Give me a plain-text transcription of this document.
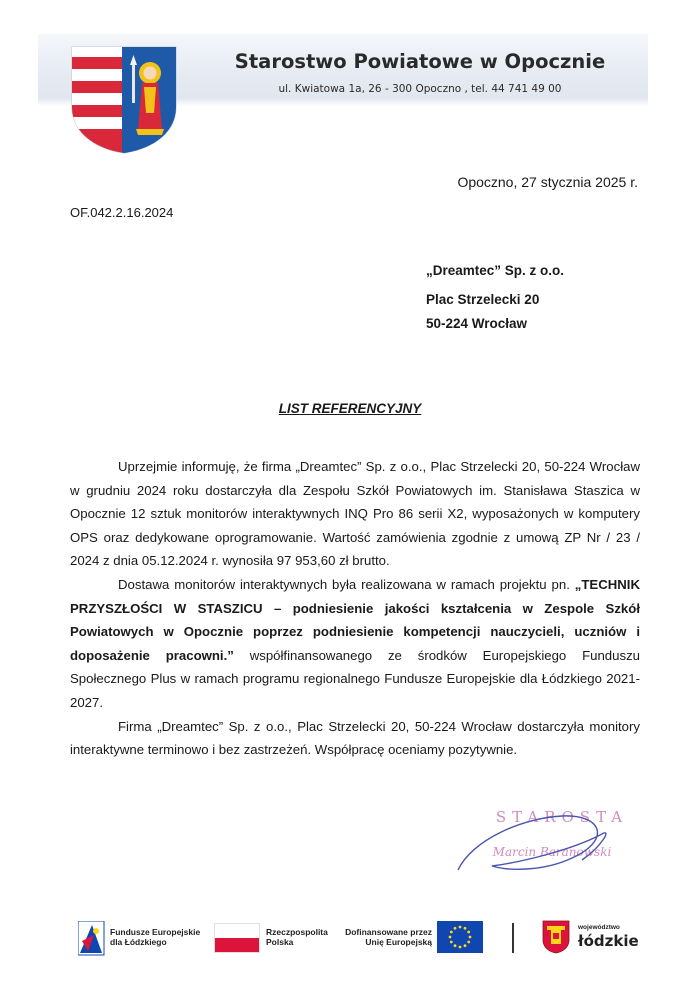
Starostwo Powiatowe w Opocznie
ul. Kwiatowa 1a, 26 - 300 Opoczno , tel. 44 741 49 00
Opoczno, 27 stycznia 2025 r.
OF.042.2.16.2024
„Dreamtec” Sp. z o.o.
Plac Strzelecki 20
50-224 Wrocław
LIST REFERENCYJNY

Uprzejmie informuję, że firma „Dreamtec” Sp. z o.o., Plac Strzelecki 20, 50-224 Wrocław w grudniu 2024 roku dostarczyła dla Zespołu Szkół Powiatowych im. Stanisława Staszica w Opocznie 12 sztuk monitorów interaktywnych INQ Pro 86 serii X2, wyposażonych w komputery OPS oraz dedykowane oprogramowanie. Wartość zamówienia zgodnie z umową ZP Nr / 23 / 2024 z dnia 05.12.2024 r. wynosiła 97 953,60 zł brutto.

Dostawa monitorów interaktywnych była realizowana w ramach projektu pn. „TECHNIK PRZYSZŁOŚCI W STASZICU – podniesienie jakości kształcenia w Zespole Szkół Powiatowych w Opocznie poprzez podniesienie kompetencji nauczycieli, uczniów i doposażenie pracowni.” współfinansowanego ze środków Europejskiego Funduszu Społecznego Plus w ramach programu regionalnego Fundusze Europejskie dla Łódzkiego 2021-2027.

Firma „Dreamtec” Sp. z o.o., Plac Strzelecki 20, 50-224 Wrocław dostarczyła monitory interaktywne terminowo i bez zastrzeżeń. Współpracę oceniamy pozytywnie.

STAROSTA
Marcin Baranowski
Fundusze Europejskie
dla Łódzkiego
Rzeczpospolita
Polska
Dofinansowane przez
Unię Europejską
województwo
łódzkie
